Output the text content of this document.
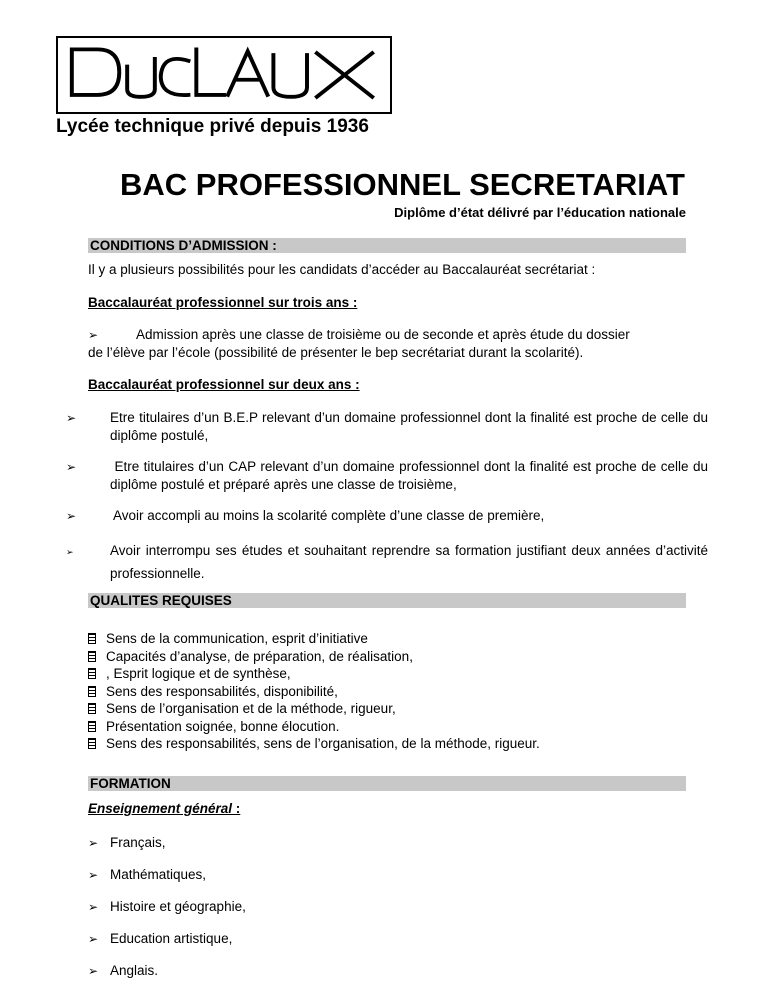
Lycée technique privé depuis 1936
BAC PROFESSIONNEL SECRETARIAT
Diplôme d’état délivré par l’éducation nationale
CONDITIONS D’ADMISSION :
Il y a plusieurs possibilités pour les candidats d’accéder au Baccalauréat secrétariat :
Baccalauréat professionnel sur trois ans :
➢	Admission après une classe de troisième ou de seconde et après étude du dossier
de l’élève par l’école (possibilité de présenter le bep secrétariat durant la scolarité).
Baccalauréat professionnel sur deux ans :
➢	Etre titulaires d’un B.E.P relevant d’un domaine professionnel dont la finalité est proche de celle du diplôme postulé,
➢	Etre titulaires d’un CAP relevant d’un domaine professionnel dont la finalité est proche de celle du diplôme postulé et préparé après une classe de troisième,
➢	Avoir accompli au moins la scolarité complète d’une classe de première,
➢	Avoir interrompu ses études et souhaitant reprendre sa formation justifiant deux années d’activité professionnelle.
QUALITES REQUISES
Sens de la communication, esprit d’initiative
Capacités d’analyse, de préparation, de réalisation,
, Esprit logique et de synthèse,
Sens des responsabilités, disponibilité,
Sens de l’organisation et de la méthode, rigueur,
Présentation soignée, bonne élocution.
Sens des responsabilités, sens de l’organisation, de la méthode, rigueur.
FORMATION
Enseignement général :
➢ Français,
➢ Mathématiques,
➢ Histoire et géographie,
➢ Education artistique,
➢ Anglais.
